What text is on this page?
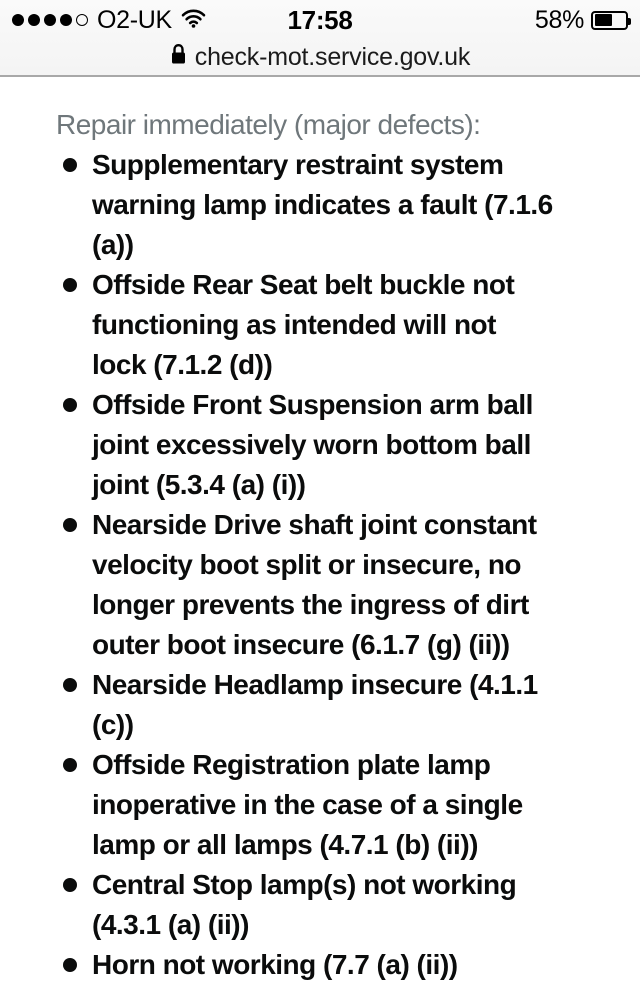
O2-UK	17:58	58%
check-mot.service.gov.uk
Repair immediately (major defects):
Supplementary restraint system
warning lamp indicates a fault (7.1.6
(a))
Offside Rear Seat belt buckle not
functioning as intended will not
lock (7.1.2 (d))
Offside Front Suspension arm ball
joint excessively worn bottom ball
joint (5.3.4 (a) (i))
Nearside Drive shaft joint constant
velocity boot split or insecure, no
longer prevents the ingress of dirt
outer boot insecure (6.1.7 (g) (ii))
Nearside Headlamp insecure (4.1.1
(c))
Offside Registration plate lamp
inoperative in the case of a single
lamp or all lamps (4.7.1 (b) (ii))
Central Stop lamp(s) not working
(4.3.1 (a) (ii))
Horn not working (7.7 (a) (ii))
